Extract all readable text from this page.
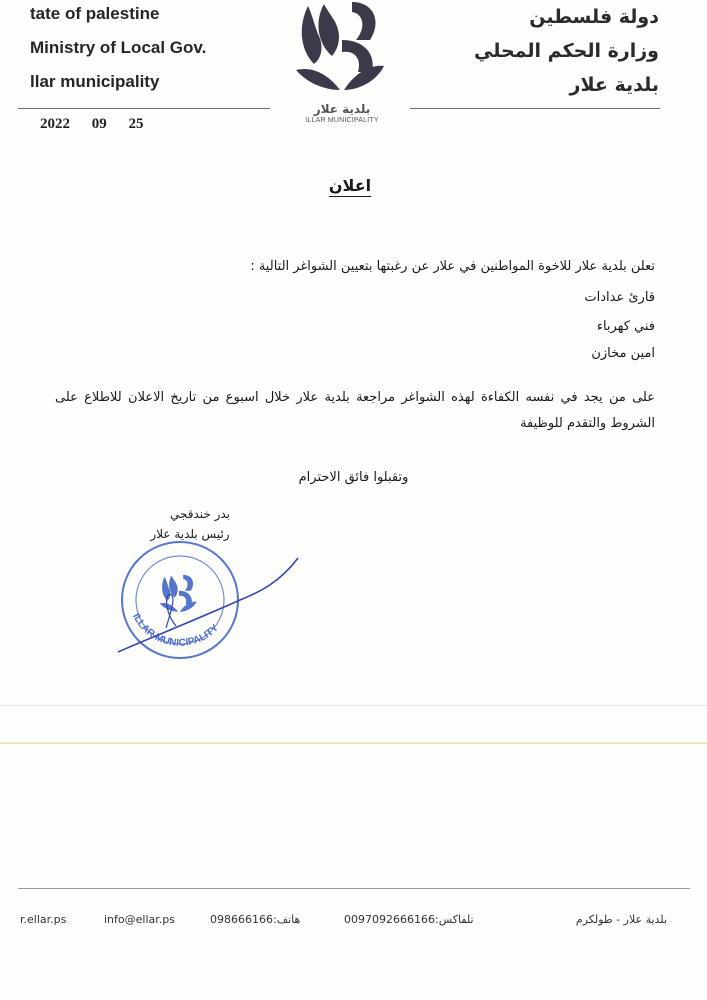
tate of palestine
Ministry of Local Gov.
llar municipality
دولة فلسطين
وزارة الحكم المحلي
بلدية علار
بلدية علار
ILLAR MUNICIPALITY
2022 09 25
اعلان
تعلن بلدية علار للاخوة المواطنين في علار عن رغبتها بتعيين الشواغر التالية :
قارئ عدادات
فني كهرباء
امين مخازن
على من يجد في نفسه الكفاءة لهذه الشواغر مراجعة بلدية علار خلال اسبوع من تاريخ الاعلان للاطلاع على الشروط والتقدم للوظيفة
وتقبلوا فائق الاحترام
بدر خندقجي
رئيس بلدية علار
ILLAR MUNICIPALITY
بلدية علار - طولكرم
تلفاكس:0097092666166
هاتف:098666166
info@ellar.ps
r.ellar.ps
